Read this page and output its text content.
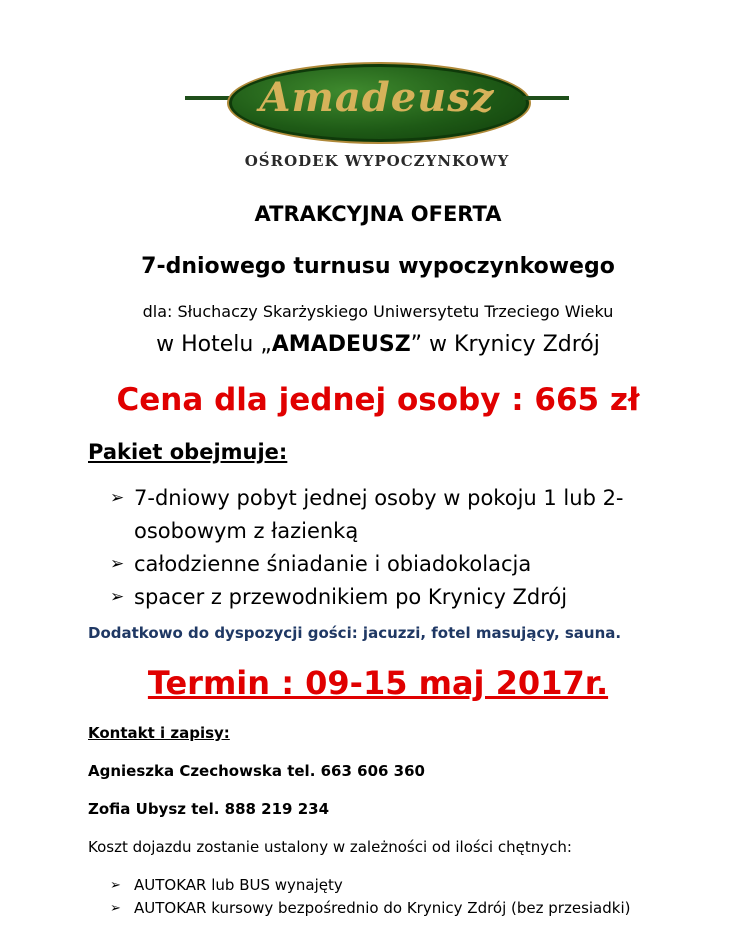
Amadeusz
OŚRODEK WYPOCZYNKOWY
ATRAKCYJNA OFERTA
7-dniowego turnusu wypoczynkowego
dla: Słuchaczy Skarżyskiego Uniwersytetu Trzeciego Wieku
w Hotelu „AMADEUSZ” w Krynicy Zdrój
Cena dla jednej osoby : 665 zł
Pakiet obejmuje:
➢ 7-dniowy pobyt jednej osoby w pokoju 1 lub 2-osobowym z łazienką
➢ całodzienne śniadanie i obiadokolacja
➢ spacer z przewodnikiem po Krynicy Zdrój
Dodatkowo do dyspozycji gości: jacuzzi, fotel masujący, sauna.
Termin : 09-15 maj 2017r.
Kontakt i zapisy:
Agnieszka Czechowska tel. 663 606 360
Zofia Ubysz tel. 888 219 234
Koszt dojazdu zostanie ustalony w zależności od ilości chętnych:
➢ AUTOKAR lub BUS wynajęty
➢ AUTOKAR kursowy bezpośrednio do Krynicy Zdrój (bez przesiadki)
